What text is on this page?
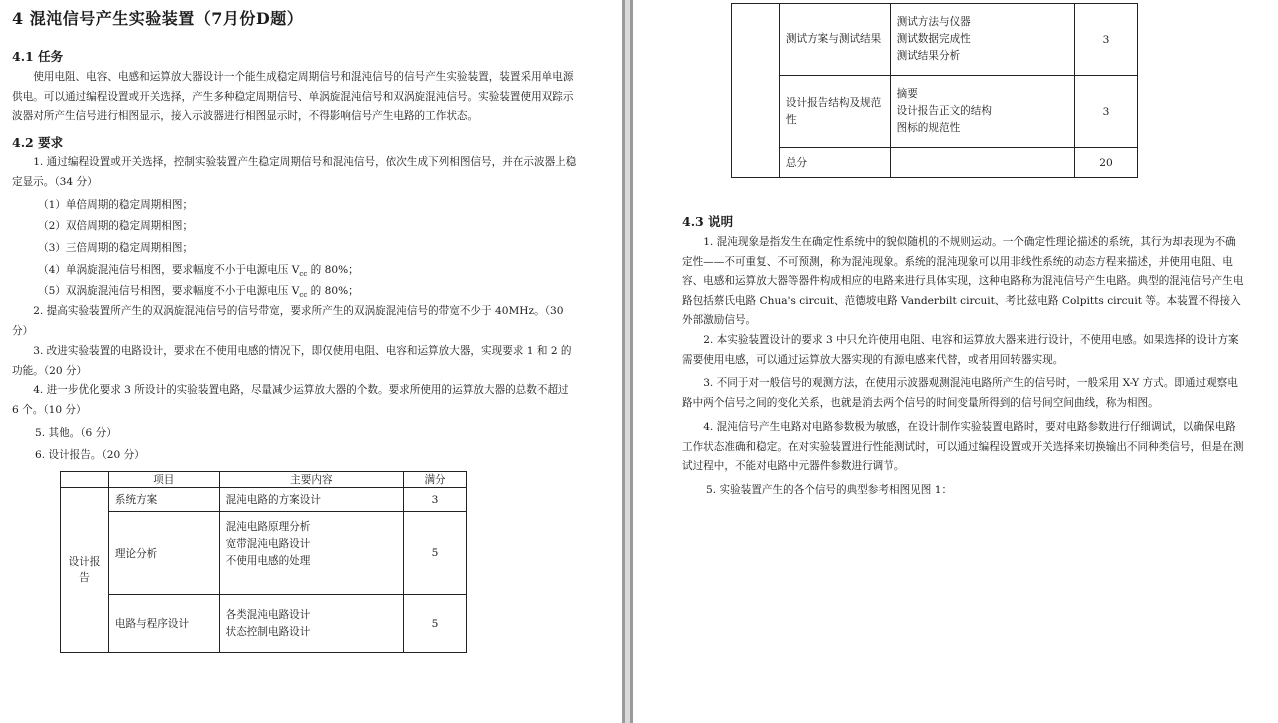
4 混沌信号产生实验装置（7月份D题）
4.1 任务
使用电阻、电容、电感和运算放大器设计一个能生成稳定周期信号和混沌信号的信号产生实验装置，装置采用单电源供电。可以通过编程设置或开关选择，产生多种稳定周期信号、单涡旋混沌信号和双涡旋混沌信号。实验装置使用双踪示波器对所产生信号进行相图显示，接入示波器进行相图显示时，不得影响信号产生电路的工作状态。
4.2 要求
1. 通过编程设置或开关选择，控制实验装置产生稳定周期信号和混沌信号，依次生成下列相图信号，并在示波器上稳定显示。（34 分）
（1）单倍周期的稳定周期相图；
（2）双倍周期的稳定周期相图；
（3）三倍周期的稳定周期相图；
（4）单涡旋混沌信号相图，要求幅度不小于电源电压 $V_{cc}$ 的 80%；
（5）双涡旋混沌信号相图，要求幅度不小于电源电压 $V_{cc}$ 的 80%；
2. 提高实验装置所产生的双涡旋混沌信号的信号带宽，要求所产生的双涡旋混沌信号的带宽不少于 40MHz。（30 分）
3. 改进实验装置的电路设计，要求在不使用电感的情况下，即仅使用电阻、电容和运算放大器，实现要求 1 和 2 的功能。（20 分）
4. 进一步优化要求 3 所设计的实验装置电路，尽量减少运算放大器的个数。要求所使用的运算放大器的总数不超过 6 个。（10 分）
5. 其他。（6 分）
6. 设计报告。（20 分）
	项目	主要内容	满分
设计报告	系统方案	混沌电路的方案设计	3
	理论分析	混沌电路原理分析
宽带混沌电路设计
不使用电感的处理	5
	电路与程序设计	各类混沌电路设计
状态控制电路设计	5
	测试方案与测试结果	测试方法与仪器
测试数据完成性
测试结果分析	3
	设计报告结构及规范性	摘要
设计报告正文的结构
图标的规范性	3
	总分		20
4.3 说明
1. 混沌现象是指发生在确定性系统中的貌似随机的不规则运动。一个确定性理论描述的系统，其行为却表现为不确定性——不可重复、不可预测，称为混沌现象。系统的混沌现象可以用非线性系统的动态方程来描述，并使用电阻、电容、电感和运算放大器等器件构成相应的电路来进行具体实现，这种电路称为混沌信号产生电路。典型的混沌信号产生电路包括蔡氏电路 Chua's circuit、范德坡电路 Vanderbilt circuit、考比兹电路 Colpitts circuit 等。本装置不得接入外部激励信号。
2. 本实验装置设计的要求 3 中只允许使用电阻、电容和运算放大器来进行设计，不使用电感。如果选择的设计方案需要使用电感，可以通过运算放大器实现的有源电感来代替，或者用回转器实现。
3. 不同于对一般信号的观测方法，在使用示波器观测混沌电路所产生的信号时，一般采用 X-Y 方式。即通过观察电路中两个信号之间的变化关系，也就是消去两个信号的时间变量所得到的信号间空间曲线，称为相图。
4. 混沌信号产生电路对电路参数极为敏感，在设计制作实验装置电路时，要对电路参数进行仔细调试，以确保电路工作状态准确和稳定。在对实验装置进行性能测试时，可以通过编程设置或开关选择来切换输出不同种类信号，但是在测试过程中，不能对电路中元器件参数进行调节。
5. 实验装置产生的各个信号的典型参考相图见图 1：
